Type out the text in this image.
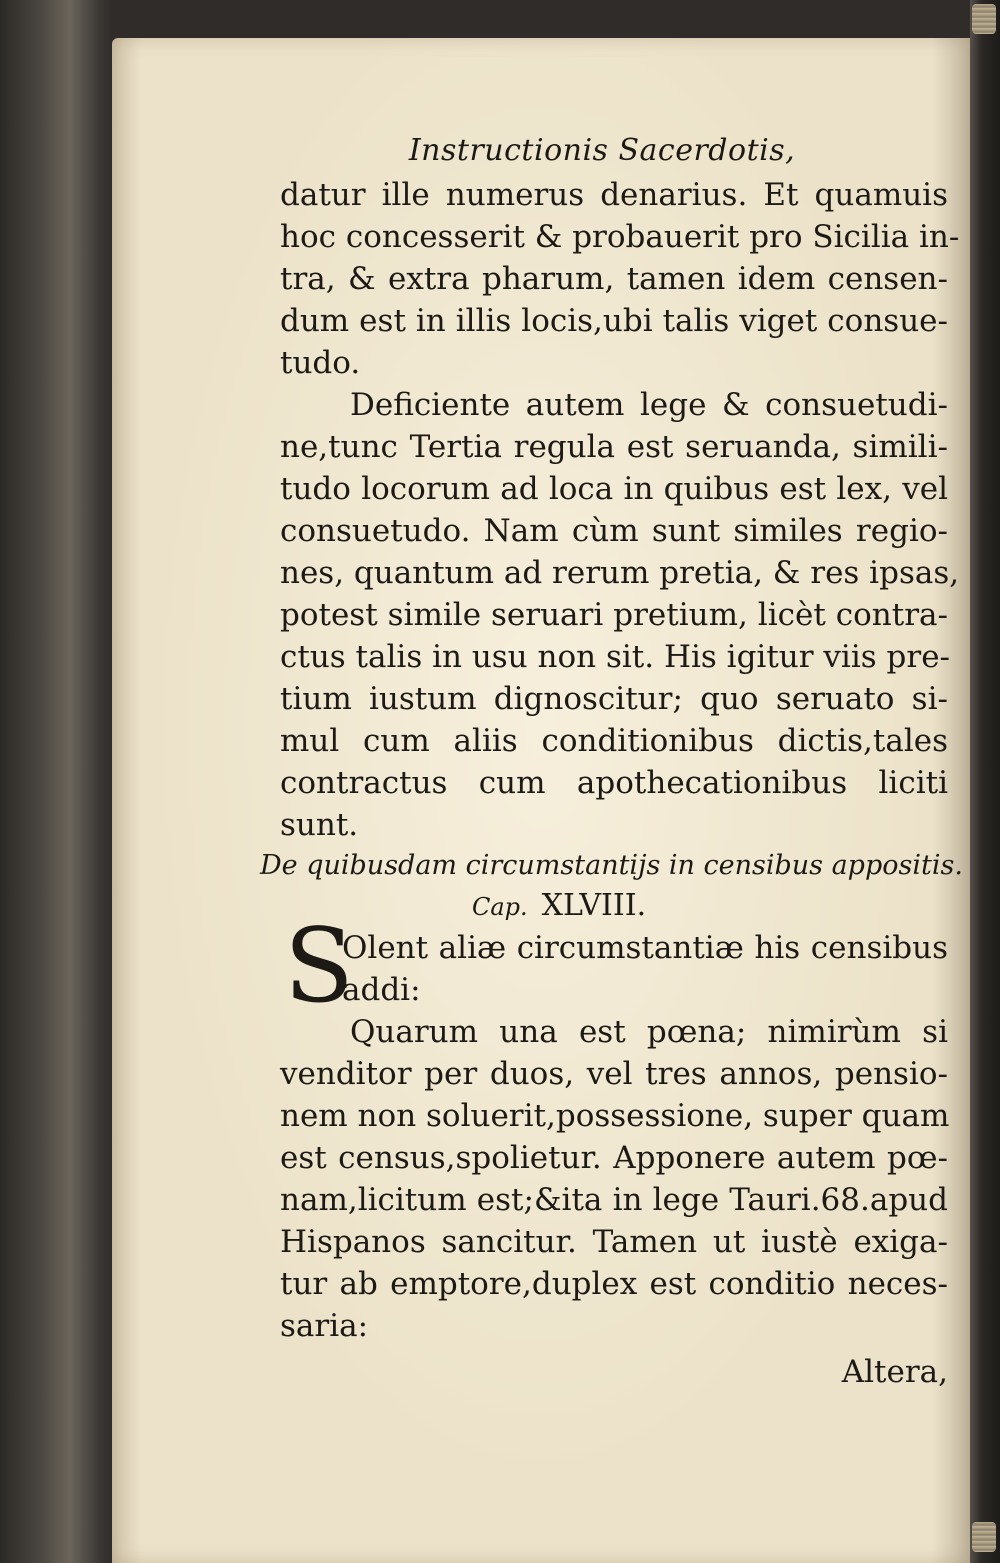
Instructionis Sacerdotis,
datur ille numerus denarius. Et quamuis
hoc concesserit & probauerit pro Sicilia in-
tra, & extra pharum, tamen idem censen-
dum est in illis locis,ubi talis viget consue-
tudo.
Deficiente autem lege & consuetudi-
ne,tunc Tertia regula est seruanda, simili-
tudo locorum ad loca in quibus est lex, vel
consuetudo. Nam cùm sunt similes regio-
nes, quantum ad rerum pretia, & res ipsas,
potest simile seruari pretium, licèt contra-
ctus talis in usu non sit. His igitur viis pre-
tium iustum dignoscitur; quo seruato si-
mul cum aliis conditionibus dictis,tales
contractus cum apothecationibus liciti
sunt.
De quibusdam circumstantijs in censibus appositis.
Cap. XLVIII.
S
Olent aliæ circumstantiæ his censibus
addi:
Quarum una est pœna; nimirùm si
venditor per duos, vel tres annos, pensio-
nem non soluerit,possessione, super quam
est census,spolietur. Apponere autem pœ-
nam,licitum est;&ita in lege Tauri.68.apud
Hispanos sancitur. Tamen ut iustè exiga-
tur ab emptore,duplex est conditio neces-
saria:
Altera,
